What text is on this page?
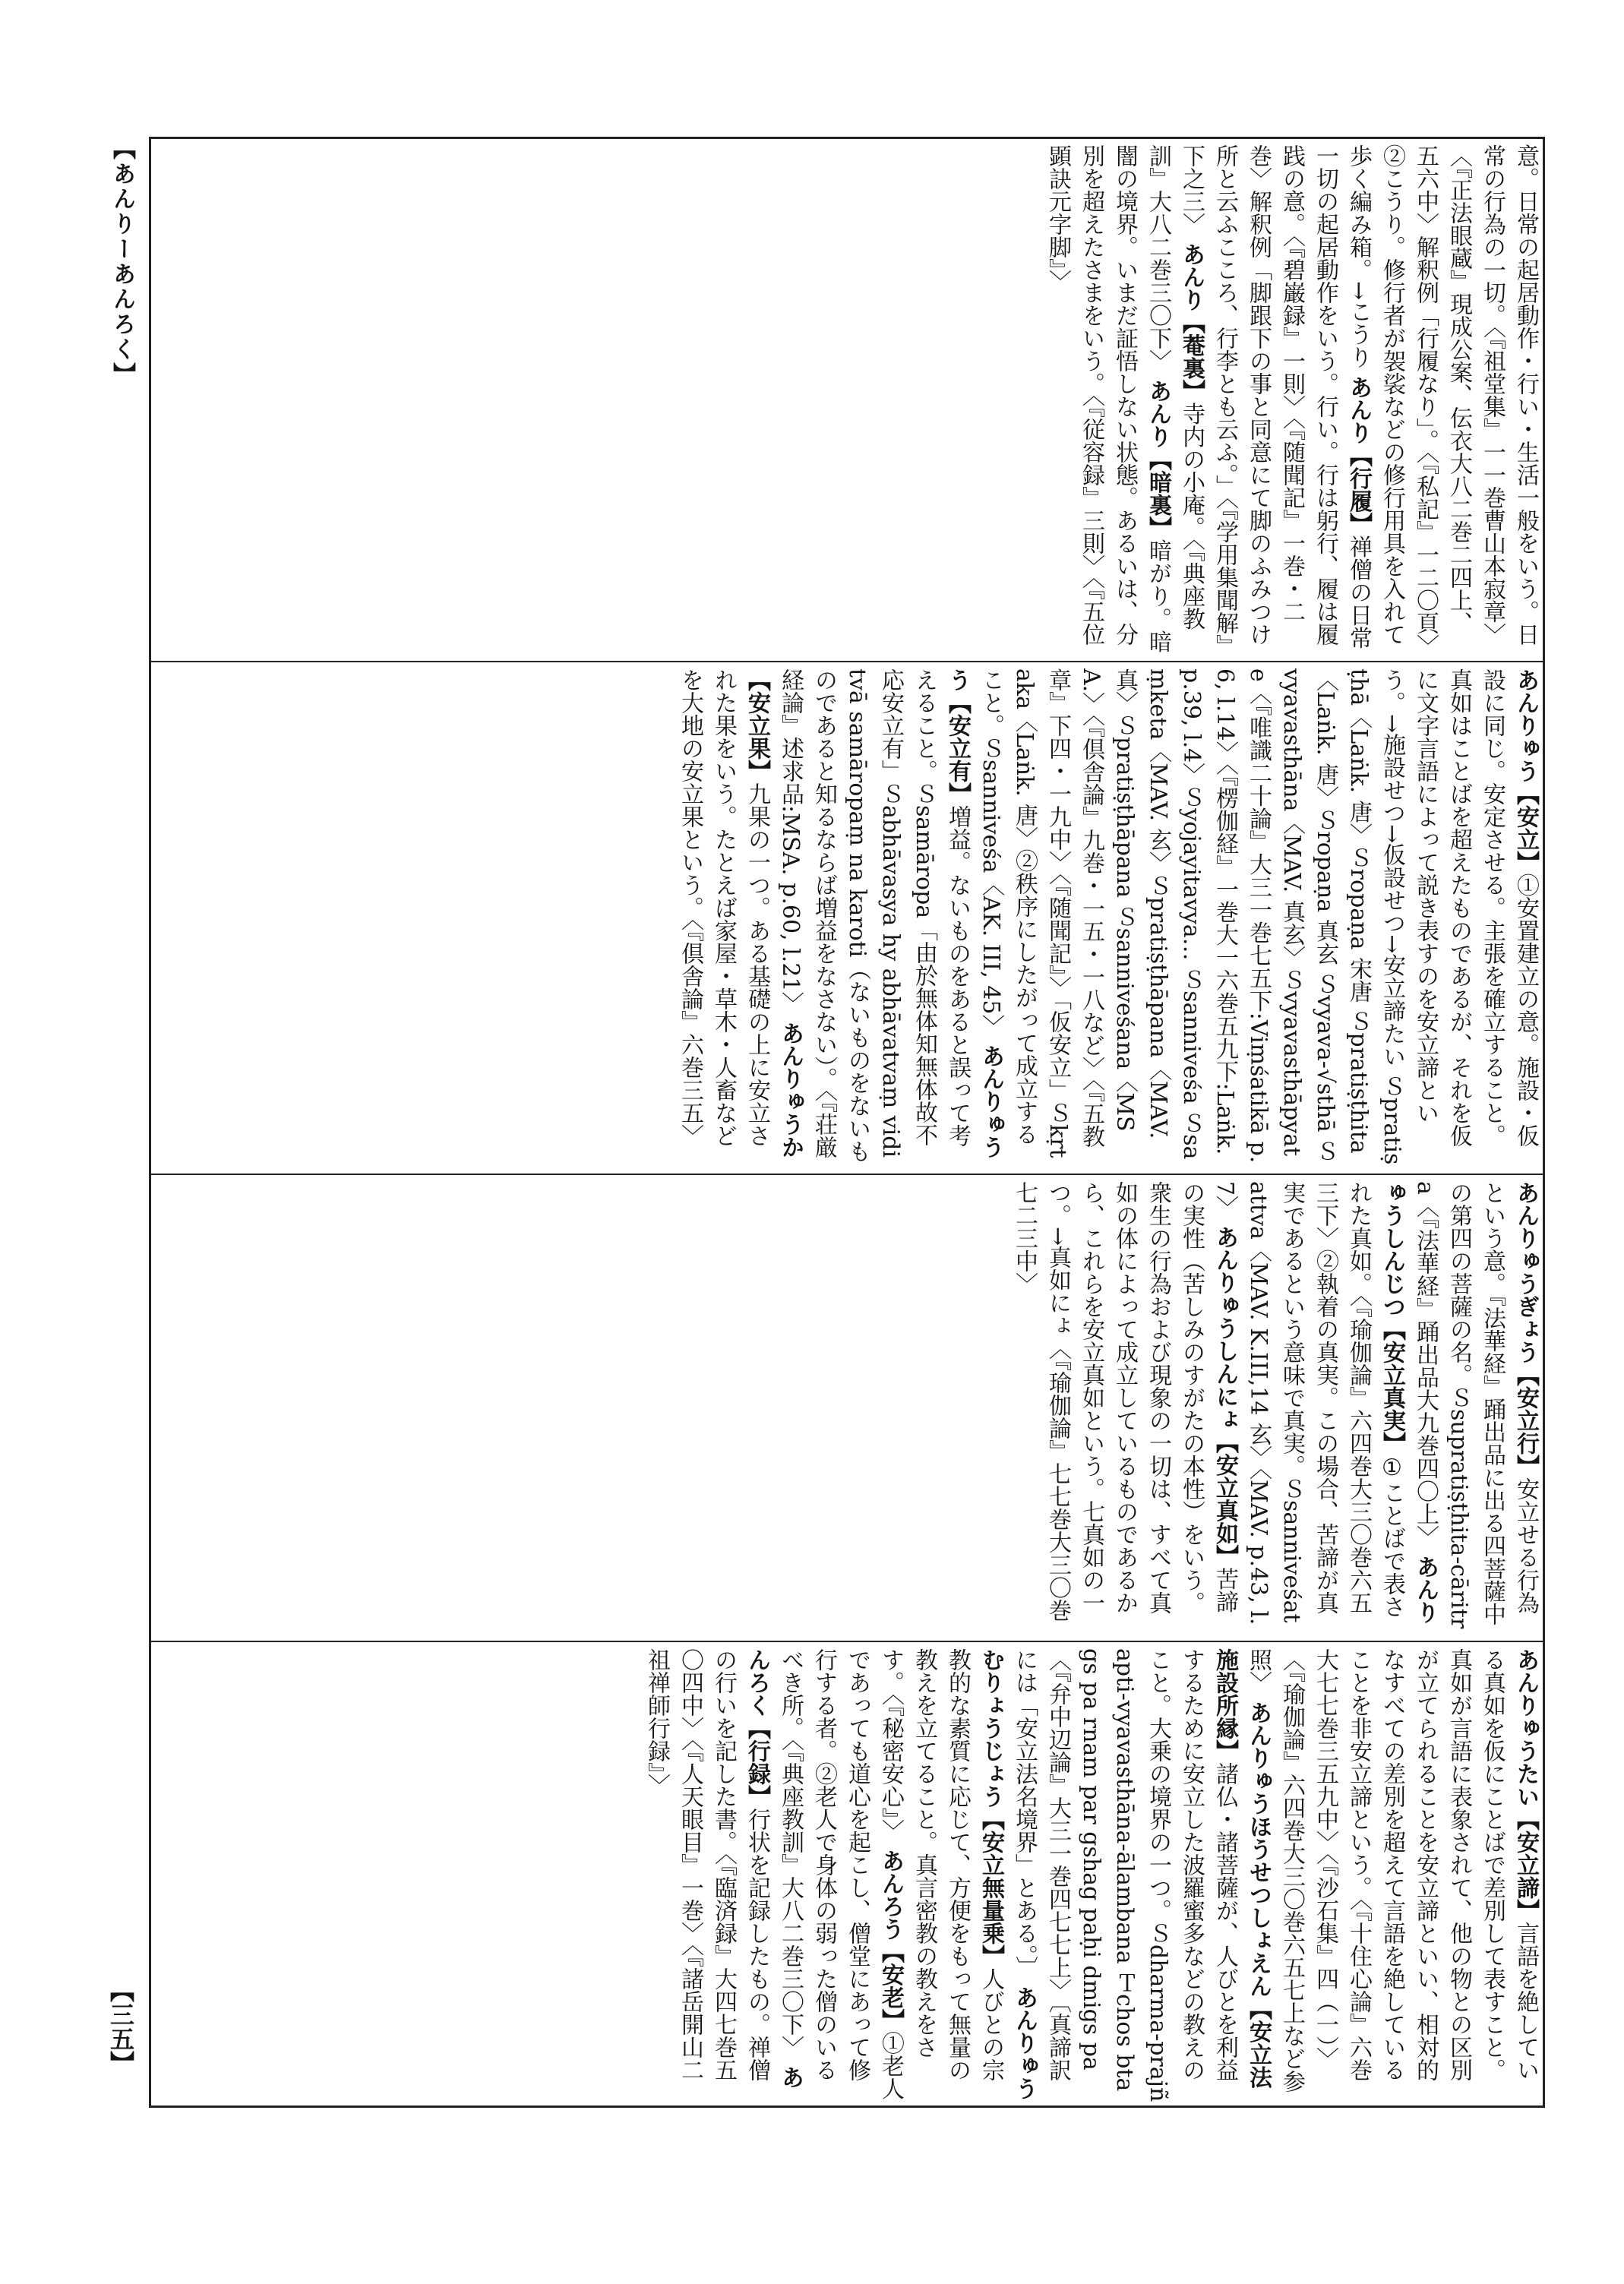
【あんりーあんろく】
【三五】
意。日常の起居動作・行い・生活一般をいう。日常の行為の一切。〈『祖堂集』一一巻曹山本寂章〉〈『正法眼蔵』現成公案、伝衣大八二巻二四上、五六中〉解釈例「行履なり」。〈『私記』一二〇頁〉②こうり。修行者が袈裟などの修行用具を入れて歩く編み箱。→こうり あんり【行履】禅僧の日常一切の起居動作をいう。行い。行は躬行、履は履践の意。〈『碧巌録』一則〉〈『随聞記』一巻・二巻〉解釈例「脚跟下の事と同意にて脚のふみつけ所と云ふこころ、行李とも云ふ。」〈『学用集聞解』下之三〉 あんり【菴裏】寺内の小庵。〈『典座教訓』大八二巻三〇下〉 あんり【暗裏】暗がり。暗闇の境界。いまだ証悟しない状態。あるいは、分別を超えたさまをいう。〈『従容録』三則〉〈『五位顕訣元字脚』〉
あんりゅう【安立】①安置建立の意。施設・仮設に同じ。安定させる。主張を確立すること。真如はことばを超えたものであるが、それを仮に文字言語によって説き表すのを安立諦という。→施設せつ→仮設せつ→安立諦たい Ｓpratiṣṭhā〈Laṅk. 唐〉Ｓropaṇa 宋唐 Ｓpratiṣṭhita〈Laṅk. 唐〉Ｓropaṇa 真玄 Ｓvyava-√sthā Ｓvyavasthāna〈MAV. 真玄〉Ｓvyavasthāpyate〈『唯識二十論』大三一巻七五下:Viṃśatikā p.6, l.14〉〈『楞伽経』一巻大一六巻五九下:Laṅk. p.39, l.4〉Ｓyojayitavya… Ｓsanniveśa Ｓsaṃketa〈MAV. 玄〉Ｓpratiṣṭhāpana〈MAV. 真〉Ｓpratiṣṭhāpana Ｓsanniveśana〈MSA.〉〈『倶舎論』九巻・一五・一八など〉〈『五教章』下四・一九中〉〈『随聞記』〉「仮安立」Ｓkṛtaka〈Laṅk. 唐〉②秩序にしたがって成立すること。Ｓsanniveśa〈AK. III, 45〉 あんりゅうう【安立有】増益。ないものをあると誤って考えること。Ｓsamāropa「由於無体知無体故不応安立有」Ｓabhāvasya hy abhāvatvaṃ viditvā samāropaṃ na karoti（ないものをないものであると知るならば増益をなさない）。〈『荘厳経論』述求品:MSA. p.60, l.21〉 あんりゅうか【安立果】九果の一つ。ある基礎の上に安立された果をいう。たとえば家屋・草木・人畜などを大地の安立果という。〈『倶舎論』六巻三五〉
あんりゅうぎょう【安立行】安立せる行為という意。『法華経』踊出品に出る四菩薩中の第四の菩薩の名。Ｓsupratiṣṭhita-cāritra〈『法華経』踊出品大九巻四〇上〉 あんりゅうしんじつ【安立真実】①ことばで表された真如。〈『瑜伽論』六四巻大三〇巻六五三下〉②執着の真実。この場合、苦諦が真実であるという意味で真実。Ｓsanniveśatattva〈MAV. K.III,14 玄〉〈MAV. p.43, l.7〉 あんりゅうしんにょ【安立真如】苦諦の実性（苦しみのすがたの本性）をいう。衆生の行為および現象の一切は、すべて真如の体によって成立しているものであるから、これらを安立真如という。七真如の一つ。→真如にょ〈『瑜伽論』七七巻大三〇巻七二三中〉
あんりゅうたい【安立諦】言語を絶している真如を仮にことばで差別して表すこと。真如が言語に表象されて、他の物との区別が立てられることを安立諦といい、相対的なすべての差別を超えて言語を絶していることを非安立諦という。〈『十住心論』六巻大七七巻三五九中〉〈『沙石集』四（一）〉〈『瑜伽論』六四巻大三〇巻六五七上など参照〉 あんりゅうほうせつしょえん【安立法施設所縁】諸仏・諸菩薩が、人びとを利益するために安立した波羅蜜多などの教えのこと。大乗の境界の一つ。Ｓdharma-prajñapti-vyavasthāna-ālambana Ｔchos btags pa rnam par gshag paḥi dmigs pa〈『弁中辺論』大三一巻四七七上〉〔真諦訳には「安立法名境界」とある。〕 あんりゅうむりょうじょう【安立無量乗】人びとの宗教的な素質に応じて、方便をもって無量の教えを立てること。真言密教の教えをさす。〈『秘密安心』〉 あんろう【安老】①老人であっても道心を起こし、僧堂にあって修行する者。②老人で身体の弱った僧のいるべき所。〈『典座教訓』大八二巻三〇下〉 あんろく【行録】行状を記録したもの。禅僧の行いを記した書。〈『臨済録』大四七巻五〇四中〉〈『人天眼目』一巻〉〈『諸岳開山二祖禅師行録』〉
